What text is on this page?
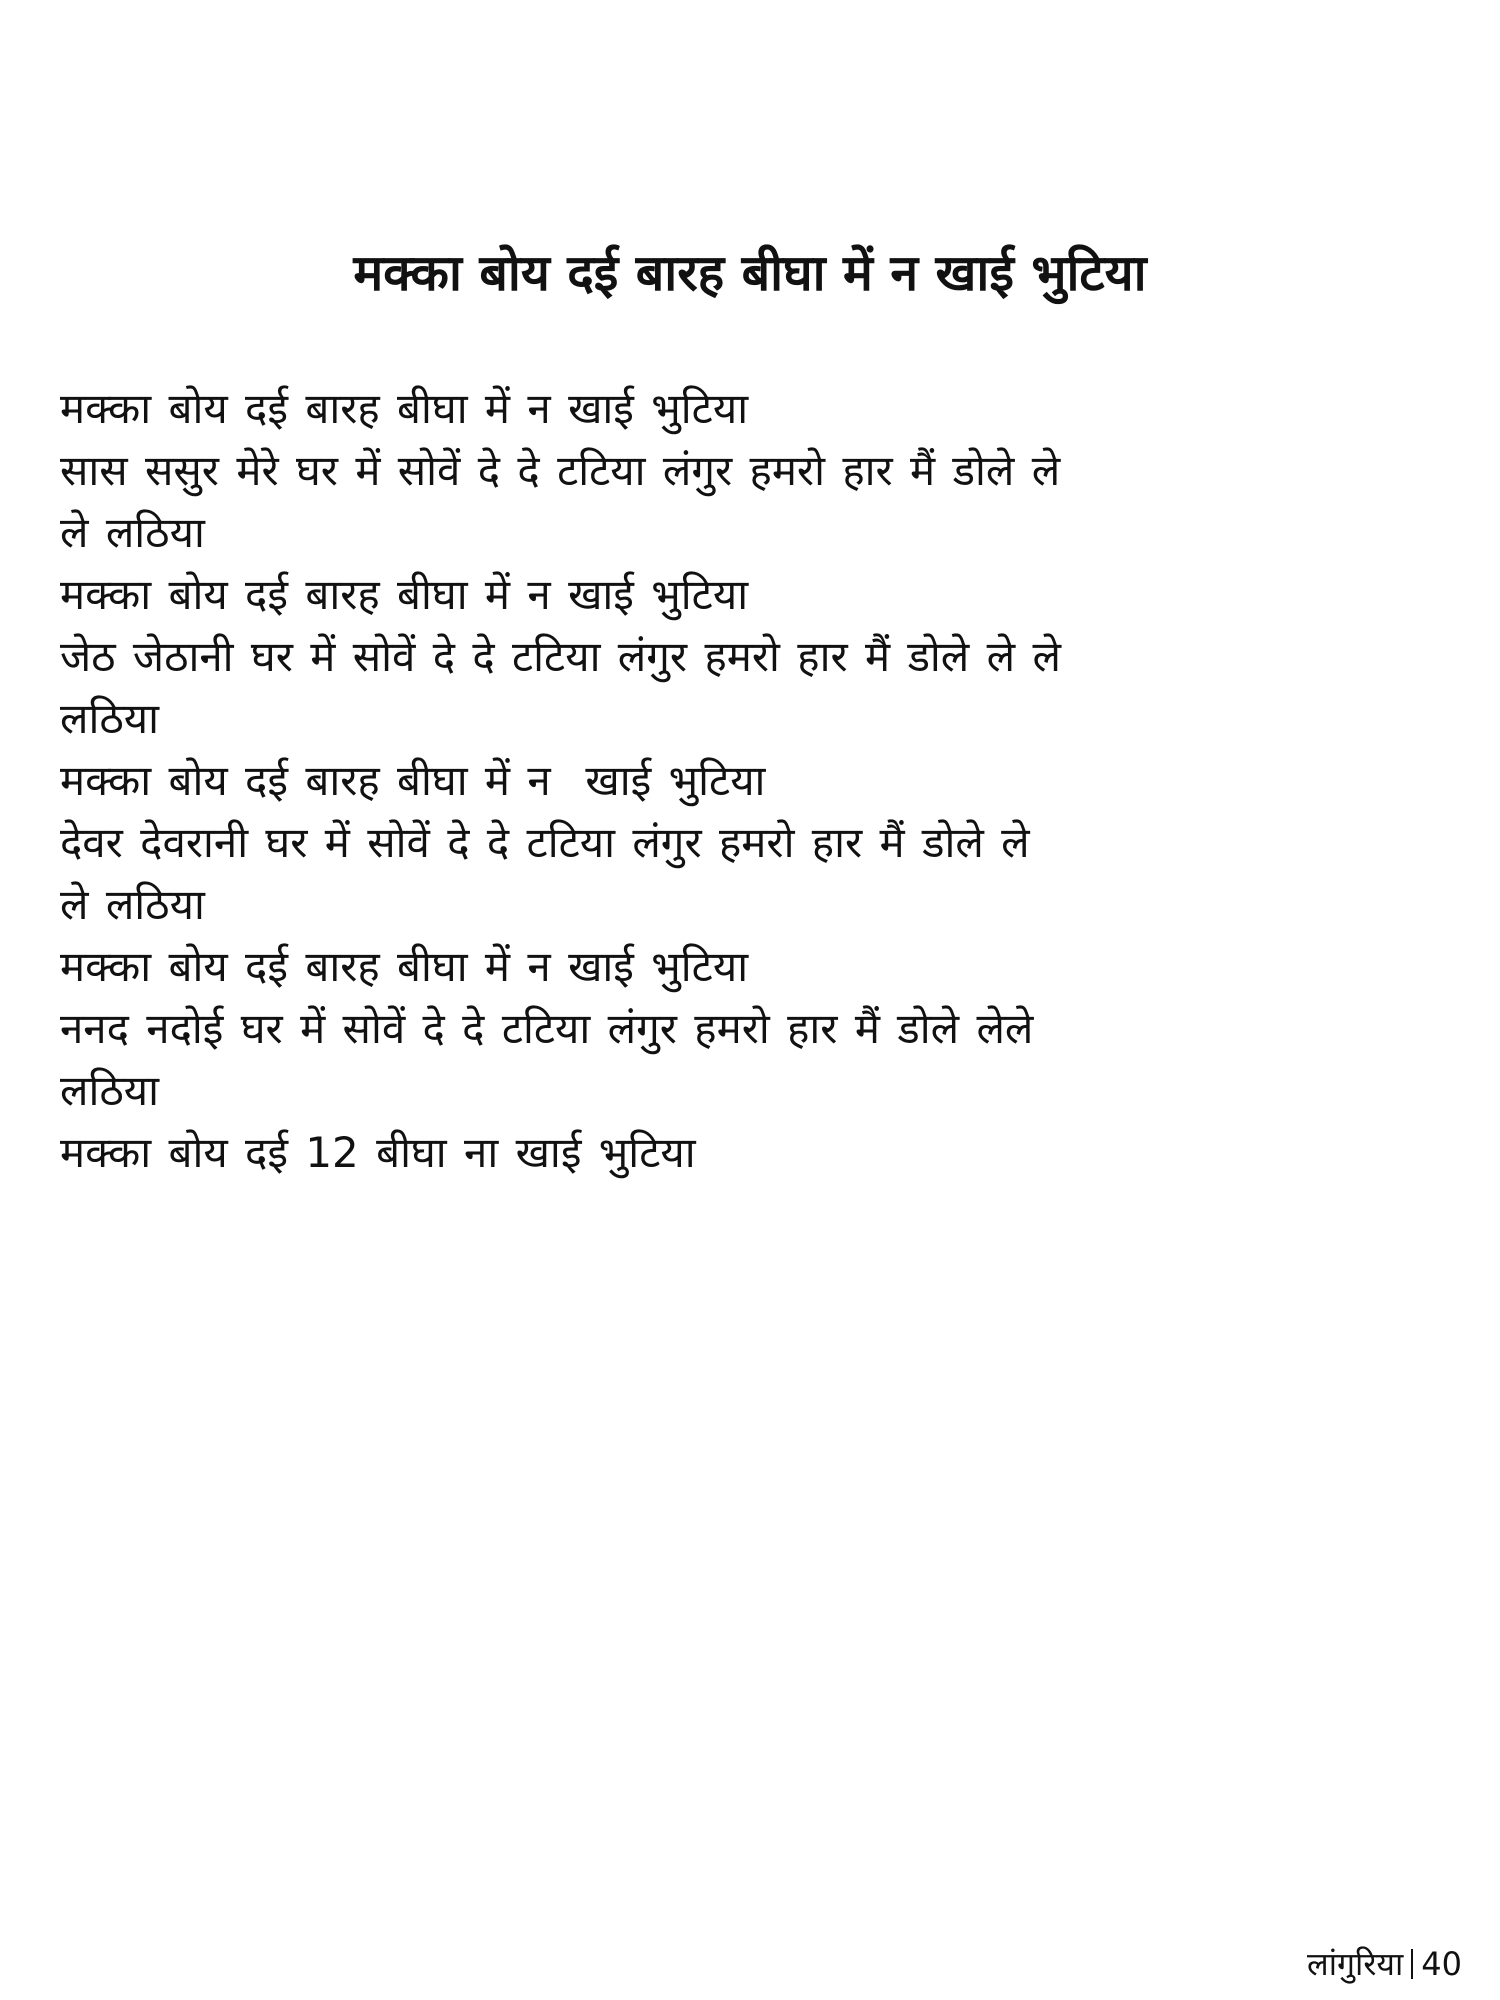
मक्का बोय दई बारह बीघा में न खाई भुटिया

मक्का बोय दई बारह बीघा में न खाई भुटिया

सास ससुर मेरे घर में सोवें दे दे टटिया लंगुर हमरो हार मैं डोले ले

ले लठिया

मक्का बोय दई बारह बीघा में न खाई भुटिया

जेठ जेठानी घर में सोवें दे दे टटिया लंगुर हमरो हार मैं डोले ले ले

लठिया

मक्का बोय दई बारह बीघा में न  खाई भुटिया

देवर देवरानी घर में सोवें दे दे टटिया लंगुर हमरो हार मैं डोले ले

ले लठिया

मक्का बोय दई बारह बीघा में न खाई भुटिया

ननद नदोई घर में सोवें दे दे टटिया लंगुर हमरो हार मैं डोले लेले

लठिया

मक्का बोय दई 12 बीघा ना खाई भुटिया

लांगुरिया 40
